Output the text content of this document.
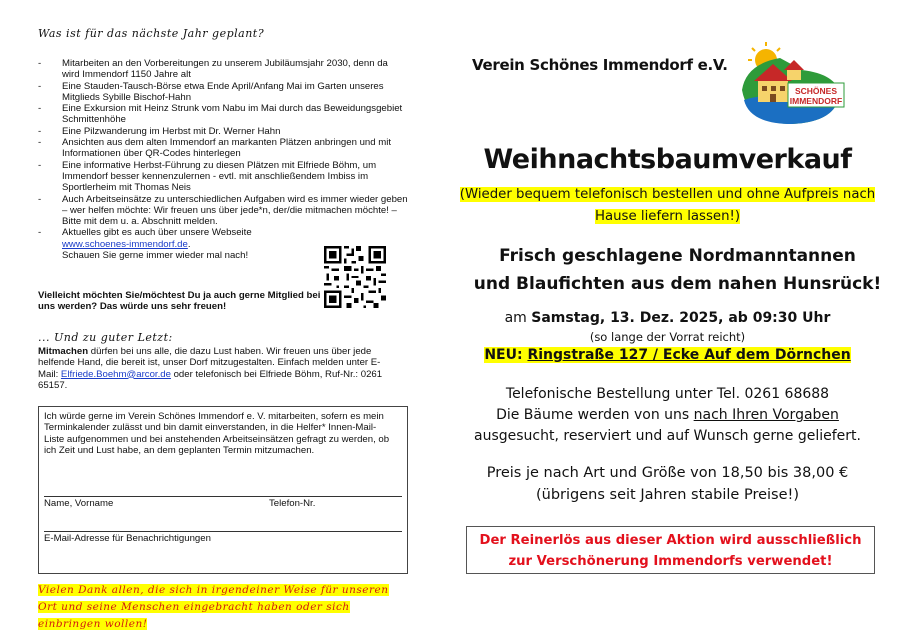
Was ist für das nächste Jahr geplant?
- Mitarbeiten an den Vorbereitungen zu unserem Jubiläumsjahr 2030, denn da wird Immendorf 1150 Jahre alt
- Eine Stauden-Tausch-Börse etwa Ende April/Anfang Mai im Garten unseres Mitglieds Sybille Bischof-Hahn
- Eine Exkursion mit Heinz Strunk vom Nabu im Mai durch das Beweidungsgebiet Schmittenhöhe
- Eine Pilzwanderung im Herbst mit Dr. Werner Hahn
- Ansichten aus dem alten Immendorf an markanten Plätzen anbringen und mit Informationen über QR-Codes hinterlegen
- Eine informative Herbst-Führung zu diesen Plätzen mit Elfriede Böhm, um Immendorf besser kennenzulernen - evtl. mit anschließendem Imbiss im Sportlerheim mit Thomas Neis
- Auch Arbeitseinsätze zu unterschiedlichen Aufgaben wird es immer wieder geben – wer helfen möchte: Wir freuen uns über jede*n, der/die mitmachen möchte! – Bitte mit dem u. a. Abschnitt melden.
- Aktuelles gibt es auch über unsere Webseite
www.schoenes-immendorf.de.
Schauen Sie gerne immer wieder mal nach!
Vielleicht möchten Sie/möchtest Du ja auch gerne Mitglied bei uns werden? Das würde uns sehr freuen!
... Und zu guter Letzt:
Mitmachen dürfen bei uns alle, die dazu Lust haben. Wir freuen uns über jede helfende Hand, die bereit ist, unser Dorf mitzugestalten. Einfach melden unter E-Mail: Elfriede.Boehm@arcor.de oder telefonisch bei Elfriede Böhm, Ruf-Nr.: 0261 65157.
Ich würde gerne im Verein Schönes Immendorf e. V. mitarbeiten, sofern es mein Terminkalender zulässt und bin damit einverstanden, in die Helfer* Innen-Mail-Liste aufgenommen und bei anstehenden Arbeitseinsätzen gefragt zu werden, ob ich Zeit und Lust habe, an dem geplanten Termin mitzumachen.
Name, Vorname	Telefon-Nr.
E-Mail-Adresse für Benachrichtigungen
Vielen Dank allen, die sich in irgendeiner Weise für unseren Ort und seine Menschen eingebracht haben oder sich einbringen wollen!
Verein Schönes Immendorf e.V.
SCHÖNES
IMMENDORF
Weihnachtsbaumverkauf
(Wieder bequem telefonisch bestellen und ohne Aufpreis nach Hause liefern lassen!)
Frisch geschlagene Nordmanntannen
und Blaufichten aus dem nahen Hunsrück!
am Samstag, 13. Dez. 2025, ab 09:30 Uhr
(so lange der Vorrat reicht)
NEU: Ringstraße 127 / Ecke Auf dem Dörnchen
Telefonische Bestellung unter Tel. 0261 68688
Die Bäume werden von uns nach Ihren Vorgaben ausgesucht, reserviert und auf Wunsch gerne geliefert.
Preis je nach Art und Größe von 18,50 bis 38,00 €
(übrigens seit Jahren stabile Preise!)
Der Reinerlös aus dieser Aktion wird ausschließlich zur Verschönerung Immendorfs verwendet!
